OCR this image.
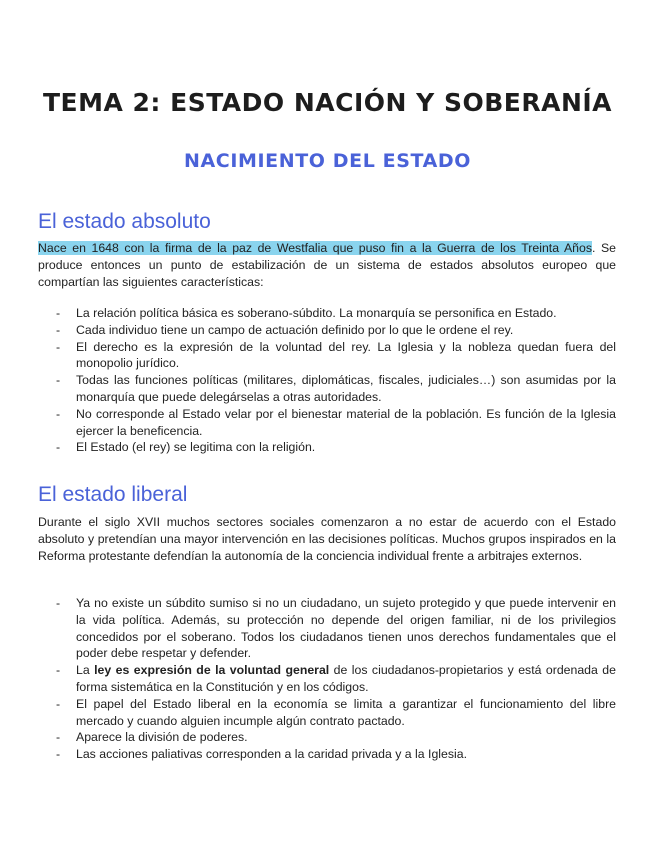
TEMA 2: ESTADO NACIÓN Y SOBERANÍA
NACIMIENTO DEL ESTADO
El estado absoluto

Nace en 1648 con la firma de la paz de Westfalia que puso fin a la Guerra de los Treinta Años. Se produce entonces un punto de estabilización de un sistema de estados absolutos europeo que compartían las siguientes características:

- La relación política básica es soberano-súbdito. La monarquía se personifica en Estado.
- Cada individuo tiene un campo de actuación definido por lo que le ordene el rey.
- El derecho es la expresión de la voluntad del rey. La Iglesia y la nobleza quedan fuera del monopolio jurídico.
- Todas las funciones políticas (militares, diplomáticas, fiscales, judiciales…) son asumidas por la monarquía que puede delegárselas a otras autoridades.
- No corresponde al Estado velar por el bienestar material de la población. Es función de la Iglesia ejercer la beneficencia.
- El Estado (el rey) se legitima con la religión.
El estado liberal

Durante el siglo XVII muchos sectores sociales comenzaron a no estar de acuerdo con el Estado absoluto y pretendían una mayor intervención en las decisiones políticas. Muchos grupos inspirados en la Reforma protestante defendían la autonomía de la conciencia individual frente a arbitrajes externos.

- Ya no existe un súbdito sumiso si no un ciudadano, un sujeto protegido y que puede intervenir en la vida política. Además, su protección no depende del origen familiar, ni de los privilegios concedidos por el soberano. Todos los ciudadanos tienen unos derechos fundamentales que el poder debe respetar y defender.
- La ley es expresión de la voluntad general de los ciudadanos-propietarios y está ordenada de forma sistemática en la Constitución y en los códigos.
- El papel del Estado liberal en la economía se limita a garantizar el funcionamiento del libre mercado y cuando alguien incumple algún contrato pactado.
- Aparece la división de poderes.
- Las acciones paliativas corresponden a la caridad privada y a la Iglesia.
